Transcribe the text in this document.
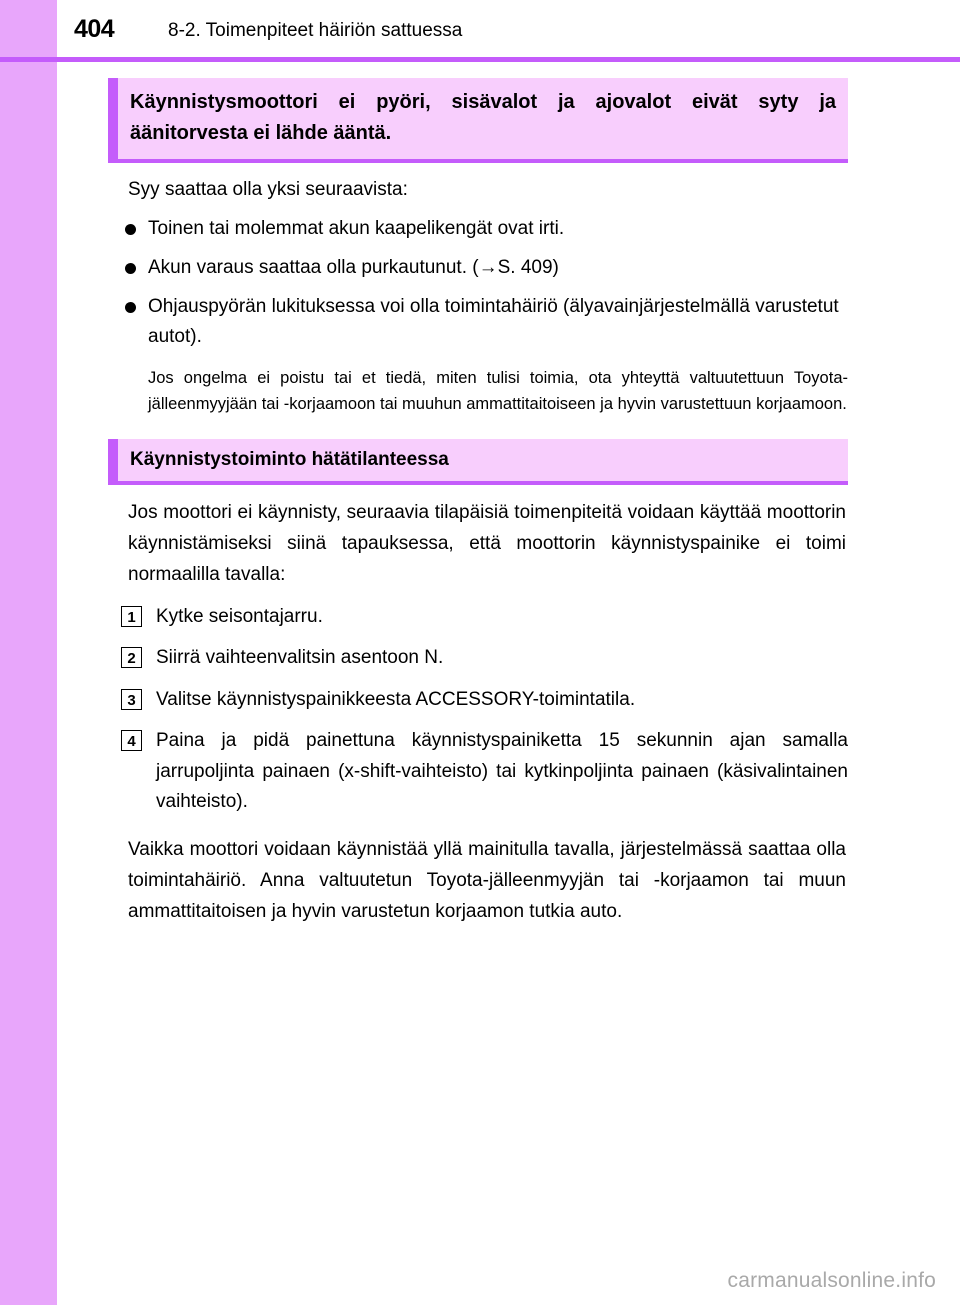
404	8-2. Toimenpiteet häiriön sattuessa
Käynnistysmoottori ei pyöri, sisävalot ja ajovalot eivät syty ja
äänitorvesta ei lähde ääntä.

Syy saattaa olla yksi seuraavista:

Toinen tai molemmat akun kaapelikengät ovat irti.
Akun varaus saattaa olla purkautunut. (→S. 409)
Ohjauspyörän lukituksessa voi olla toimintahäiriö (älyavainjärjestelmällä varustetut autot).

Jos ongelma ei poistu tai et tiedä, miten tulisi toimia, ota yhteyttä valtuutettuun Toyota-jälleenmyyjään tai -korjaamoon tai muuhun ammattitaitoiseen ja hyvin varustettuun korjaamoon.

Käynnistystoiminto hätätilanteessa

Jos moottori ei käynnisty, seuraavia tilapäisiä toimenpiteitä voidaan käyttää moottorin käynnistämiseksi siinä tapauksessa, että moottorin käynnistyspainike ei toimi normaalilla tavalla:

1	Kytke seisontajarru.
2	Siirrä vaihteenvalitsin asentoon N.
3	Valitse käynnistyspainikkeesta ACCESSORY-toimintatila.
4	Paina ja pidä painettuna käynnistyspainiketta 15 sekunnin ajan samalla jarrupoljinta painaen (x-shift-vaihteisto) tai kytkinpoljinta painaen (käsivalintainen vaihteisto).

Vaikka moottori voidaan käynnistää yllä mainitulla tavalla, järjestelmässä saattaa olla toimintahäiriö. Anna valtuutetun Toyota-jälleenmyyjän tai -korjaamon tai muun ammattitaitoisen ja hyvin varustetun korjaamon tutkia auto.

carmanualsonline.info
